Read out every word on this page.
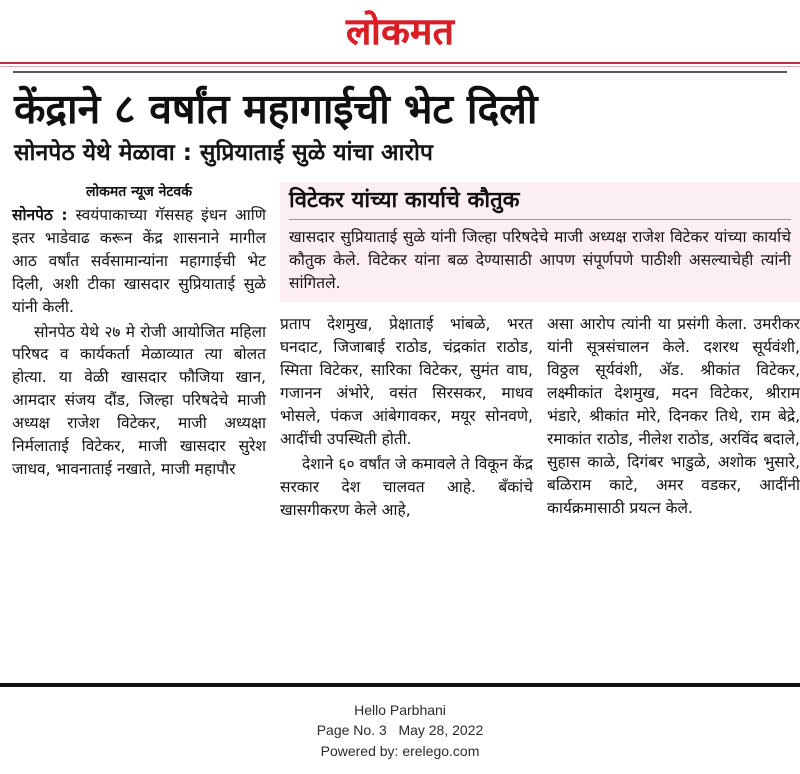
लोकमत
केंद्राने ८ वर्षांत महागाईची भेट दिली
सोनपेठ येथे मेळावा : सुप्रियाताई सुळे यांचा आरोप
लोकमत न्यूज नेटवर्क

सोनपेठ : स्वयंपाकाच्या गॅससह इंधन आणि इतर भाडेवाढ करून केंद्र शासनाने मागील आठ वर्षांत सर्वसामान्यांना महागाईची भेट दिली, अशी टीका खासदार सुप्रियाताई सुळे यांनी केली.

सोनपेठ येथे २७ मे रोजी आयोजित महिला परिषद व कार्यकर्ता मेळाव्यात त्या बोलत होत्या. या वेळी खासदार फौजिया खान, आमदार संजय दौंड, जिल्हा परिषदेचे माजी अध्यक्ष राजेश विटेकर, माजी अध्यक्षा निर्मलाताई विटेकर, माजी खासदार सुरेश जाधव, भावनाताई नखाते, माजी महापौर

विटेकर यांच्या कार्याचे कौतुक
खासदार सुप्रियाताई सुळे यांनी जिल्हा परिषदेचे माजी अध्यक्ष राजेश विटेकर यांच्या कार्याचे कौतुक केले. विटेकर यांना बळ देण्यासाठी आपण संपूर्णपणे पाठीशी असल्याचेही त्यांनी सांगितले.

प्रताप देशमुख, प्रेक्षाताई भांबळे, भरत घनदाट, जिजाबाई राठोड, चंद्रकांत राठोड, स्मिता विटेकर, सारिका विटेकर, सुमंत वाघ, गजानन अंभोरे, वसंत सिरसकर, माधव भोसले, पंकज आंबेगावकर, मयूर सोनवणे, आदींची उपस्थिती होती.

देशाने ६० वर्षांत जे कमावले ते विकून केंद्र सरकार देश चालवत आहे. बँकांचे खासगीकरण केले आहे,

असा आरोप त्यांनी या प्रसंगी केला. उमरीकर यांनी सूत्रसंचालन केले. दशरथ सूर्यवंशी, विठ्ठल सूर्यवंशी, अ‍ॅड. श्रीकांत विटेकर, लक्ष्मीकांत देशमुख, मदन विटेकर, श्रीराम भंडारे, श्रीकांत मोरे, दिनकर तिथे, राम बेद्रे, रमाकांत राठोड, नीलेश राठोड, अरविंद बदाले, सुहास काळे, दिगंबर भाडुळे, अशोक भुसारे, बळिराम काटे, अमर वडकर, आदींनी कार्यक्रमासाठी प्रयत्न केले.

Hello Parbhani
Page No. 3 May 28, 2022
Powered by: erelego.com
